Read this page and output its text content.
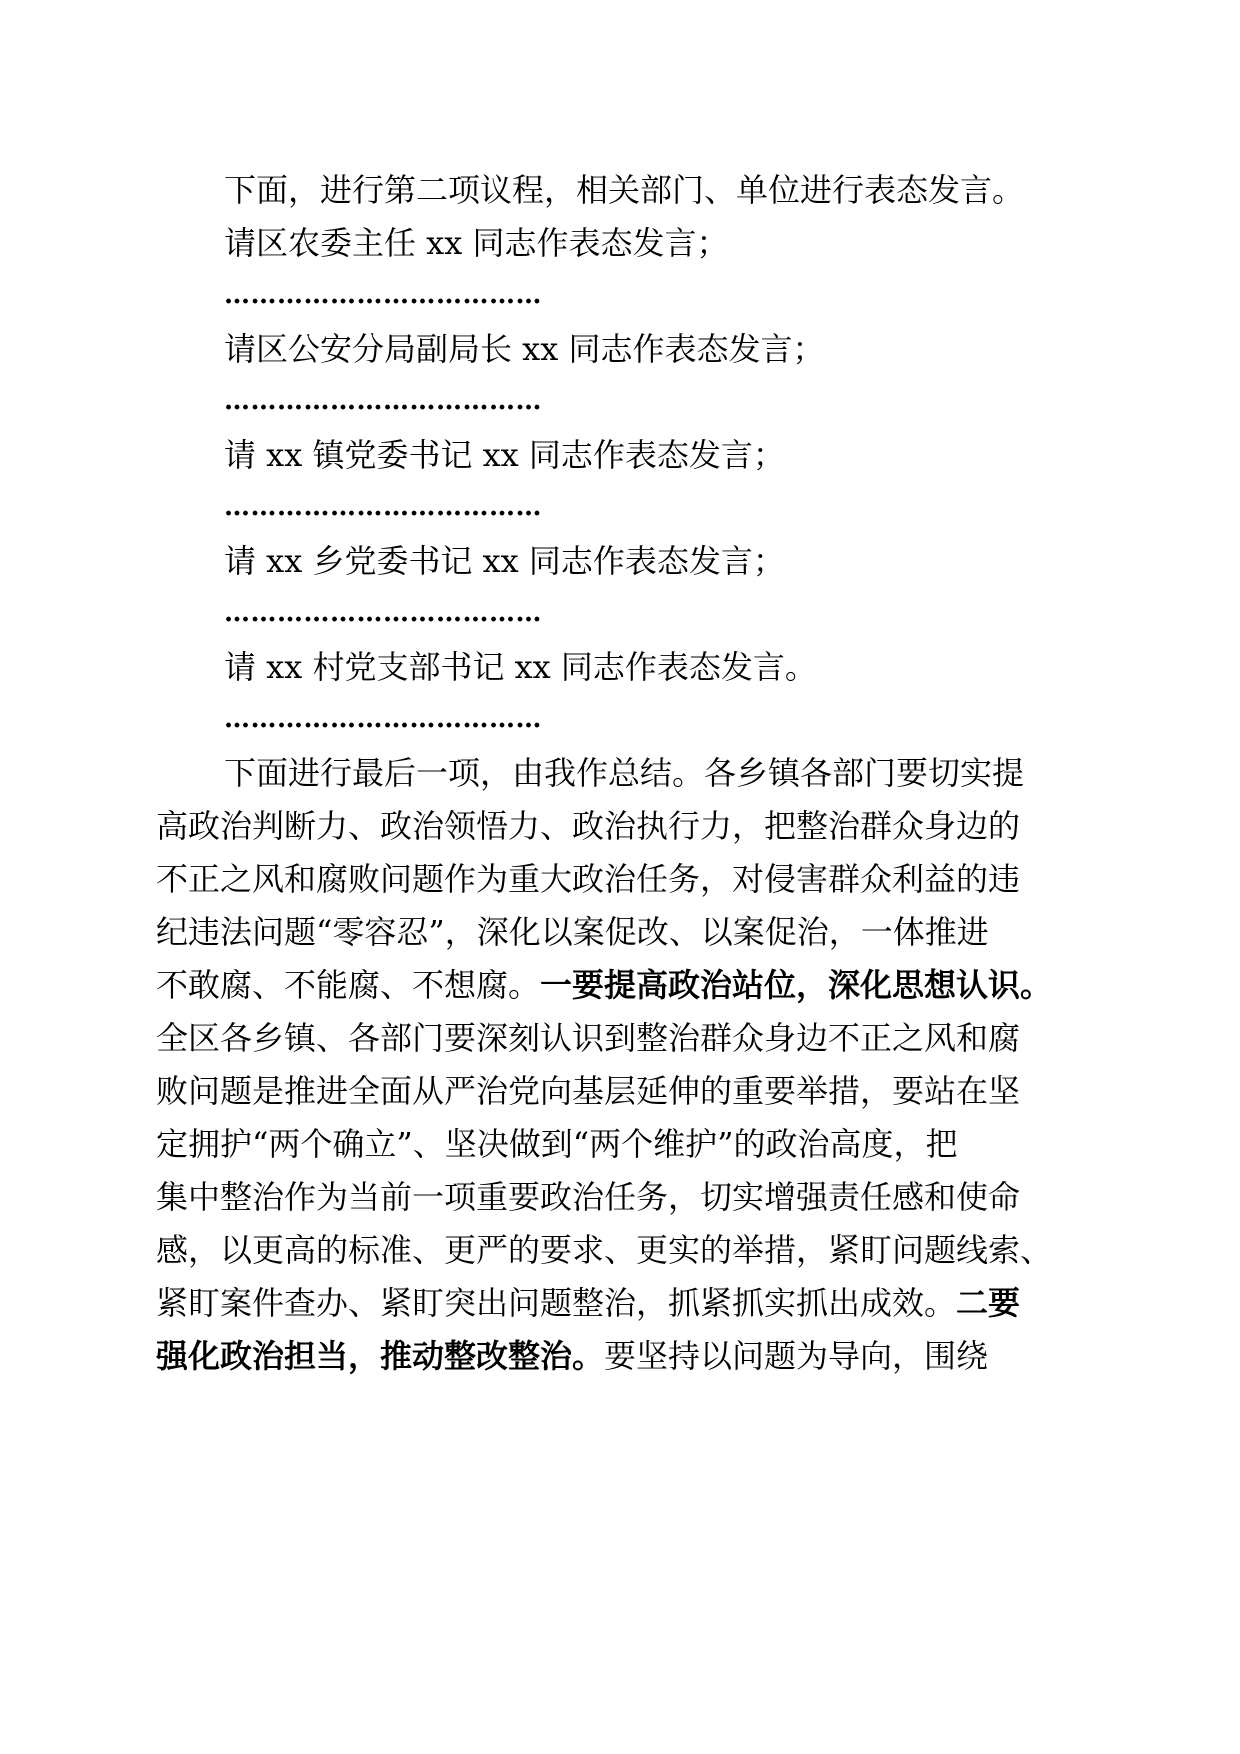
下面，进行第二项议程，相关部门、单位进行表态发言。
请区农委主任 xx 同志作表态发言；
………………………………
请区公安分局副局长 xx 同志作表态发言；
………………………………
请 xx 镇党委书记 xx 同志作表态发言；
………………………………
请 xx 乡党委书记 xx 同志作表态发言；
………………………………
请 xx 村党支部书记 xx 同志作表态发言。
………………………………
下面进行最后一项，由我作总结。各乡镇各部门要切实提
高政治判断力、政治领悟力、政治执行力，把整治群众身边的
不正之风和腐败问题作为重大政治任务，对侵害群众利益的违
纪违法问题“零容忍”，深化以案促改、以案促治，一体推进
不敢腐、不能腐、不想腐。一要提高政治站位，深化思想认识。
全区各乡镇、各部门要深刻认识到整治群众身边不正之风和腐
败问题是推进全面从严治党向基层延伸的重要举措，要站在坚
定拥护“两个确立”、坚决做到“两个维护”的政治高度，把
集中整治作为当前一项重要政治任务，切实增强责任感和使命
感，以更高的标准、更严的要求、更实的举措，紧盯问题线索、
紧盯案件查办、紧盯突出问题整治，抓紧抓实抓出成效。二要
强化政治担当，推动整改整治。要坚持以问题为导向，围绕
